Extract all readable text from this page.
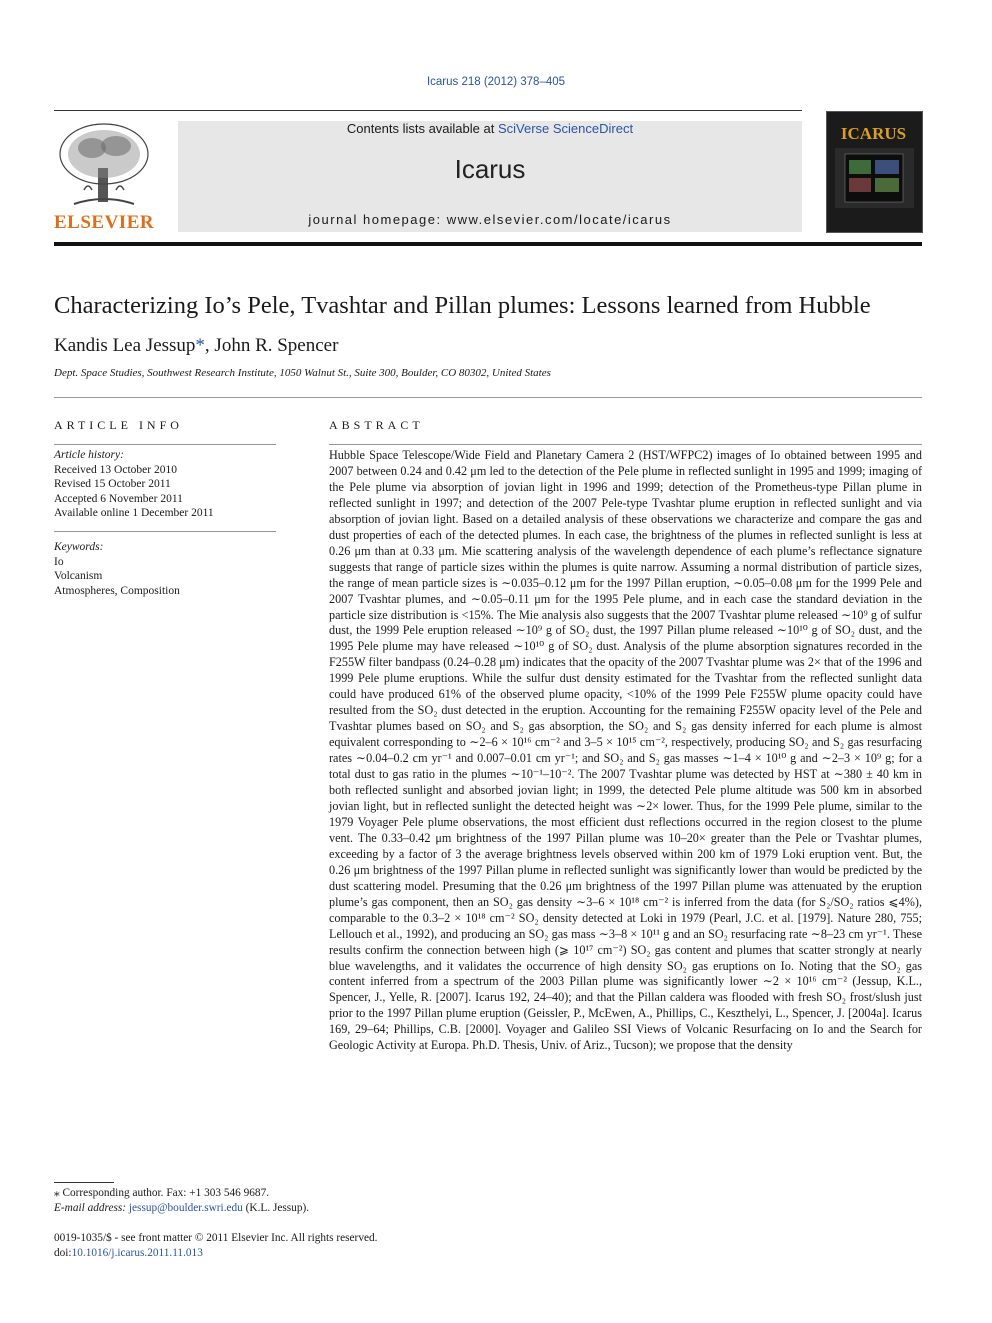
Icarus 218 (2012) 378–405
ELSEVIER
Contents lists available at SciVerse ScienceDirect
Icarus
journal homepage: www.elsevier.com/locate/icarus
ICARUS
Characterizing Io’s Pele, Tvashtar and Pillan plumes: Lessons learned from Hubble
Kandis Lea Jessup*, John R. Spencer
Dept. Space Studies, Southwest Research Institute, 1050 Walnut St., Suite 300, Boulder, CO 80302, United States
ARTICLE INFO
Article history:
Received 13 October 2010
Revised 15 October 2011
Accepted 6 November 2011
Available online 1 December 2011
Keywords:
Io
Volcanism
Atmospheres, Composition
ABSTRACT
Hubble Space Telescope/Wide Field and Planetary Camera 2 (HST/WFPC2) images of Io obtained between 1995 and 2007 between 0.24 and 0.42 μm led to the detection of the Pele plume in reflected sunlight in 1995 and 1999; imaging of the Pele plume via absorption of jovian light in 1996 and 1999; detection of the Prometheus-type Pillan plume in reflected sunlight in 1997; and detection of the 2007 Pele-type Tvashtar plume eruption in reflected sunlight and via absorption of jovian light. Based on a detailed analysis of these observations we characterize and compare the gas and dust properties of each of the detected plumes. In each case, the brightness of the plumes in reflected sunlight is less at 0.26 μm than at 0.33 μm. Mie scattering analysis of the wavelength dependence of each plume’s reflectance signature suggests that range of particle sizes within the plumes is quite narrow. Assuming a normal distribution of particle sizes, the range of mean particle sizes is ∼0.035–0.12 μm for the 1997 Pillan eruption, ∼0.05–0.08 μm for the 1999 Pele and 2007 Tvashtar plumes, and ∼0.05–0.11 μm for the 1995 Pele plume, and in each case the standard deviation in the particle size distribution is <15%. The Mie analysis also suggests that the 2007 Tvashtar plume released ∼10⁹ g of sulfur dust, the 1999 Pele eruption released ∼10⁹ g of SO₂ dust, the 1997 Pillan plume released ∼10¹⁰ g of SO₂ dust, and the 1995 Pele plume may have released ∼10¹⁰ g of SO₂ dust. Analysis of the plume absorption signatures recorded in the F255W filter bandpass (0.24–0.28 μm) indicates that the opacity of the 2007 Tvashtar plume was 2× that of the 1996 and 1999 Pele plume eruptions. While the sulfur dust density estimated for the Tvashtar from the reflected sunlight data could have produced 61% of the observed plume opacity, <10% of the 1999 Pele F255W plume opacity could have resulted from the SO₂ dust detected in the eruption. Accounting for the remaining F255W opacity level of the Pele and Tvashtar plumes based on SO₂ and S₂ gas absorption, the SO₂ and S₂ gas density inferred for each plume is almost equivalent corresponding to ∼2–6 × 10¹⁶ cm⁻² and 3–5 × 10¹⁵ cm⁻², respectively, producing SO₂ and S₂ gas resurfacing rates ∼0.04–0.2 cm yr⁻¹ and 0.007–0.01 cm yr⁻¹; and SO₂ and S₂ gas masses ∼1–4 × 10¹⁰ g and ∼2–3 × 10⁹ g; for a total dust to gas ratio in the plumes ∼10⁻¹–10⁻². The 2007 Tvashtar plume was detected by HST at ∼380 ± 40 km in both reflected sunlight and absorbed jovian light; in 1999, the detected Pele plume altitude was 500 km in absorbed jovian light, but in reflected sunlight the detected height was ∼2× lower. Thus, for the 1999 Pele plume, similar to the 1979 Voyager Pele plume observations, the most efficient dust reflections occurred in the region closest to the plume vent. The 0.33–0.42 μm brightness of the 1997 Pillan plume was 10–20× greater than the Pele or Tvashtar plumes, exceeding by a factor of 3 the average brightness levels observed within 200 km of 1979 Loki eruption vent. But, the 0.26 μm brightness of the 1997 Pillan plume in reflected sunlight was significantly lower than would be predicted by the dust scattering model. Presuming that the 0.26 μm brightness of the 1997 Pillan plume was attenuated by the eruption plume’s gas component, then an SO₂ gas density ∼3–6 × 10¹⁸ cm⁻² is inferred from the data (for S₂/SO₂ ratios ⩽4%), comparable to the 0.3–2 × 10¹⁸ cm⁻² SO₂ density detected at Loki in 1979 (Pearl, J.C. et al. [1979]. Nature 280, 755; Lellouch et al., 1992), and producing an SO₂ gas mass ∼3–8 × 10¹¹ g and an SO₂ resurfacing rate ∼8–23 cm yr⁻¹. These results confirm the connection between high (⩾ 10¹⁷ cm⁻²) SO₂ gas content and plumes that scatter strongly at nearly blue wavelengths, and it validates the occurrence of high density SO₂ gas eruptions on Io. Noting that the SO₂ gas content inferred from a spectrum of the 2003 Pillan plume was significantly lower ∼2 × 10¹⁶ cm⁻² (Jessup, K.L., Spencer, J., Yelle, R. [2007]. Icarus 192, 24–40); and that the Pillan caldera was flooded with fresh SO₂ frost/slush just prior to the 1997 Pillan plume eruption (Geissler, P., McEwen, A., Phillips, C., Keszthelyi, L., Spencer, J. [2004a]. Icarus 169, 29–64; Phillips, C.B. [2000]. Voyager and Galileo SSI Views of Volcanic Resurfacing on Io and the Search for Geologic Activity at Europa. Ph.D. Thesis, Univ. of Ariz., Tucson); we propose that the density
⁎ Corresponding author. Fax: +1 303 546 9687.
E-mail address: jessup@boulder.swri.edu (K.L. Jessup).
0019-1035/$ - see front matter © 2011 Elsevier Inc. All rights reserved.
doi:10.1016/j.icarus.2011.11.013
